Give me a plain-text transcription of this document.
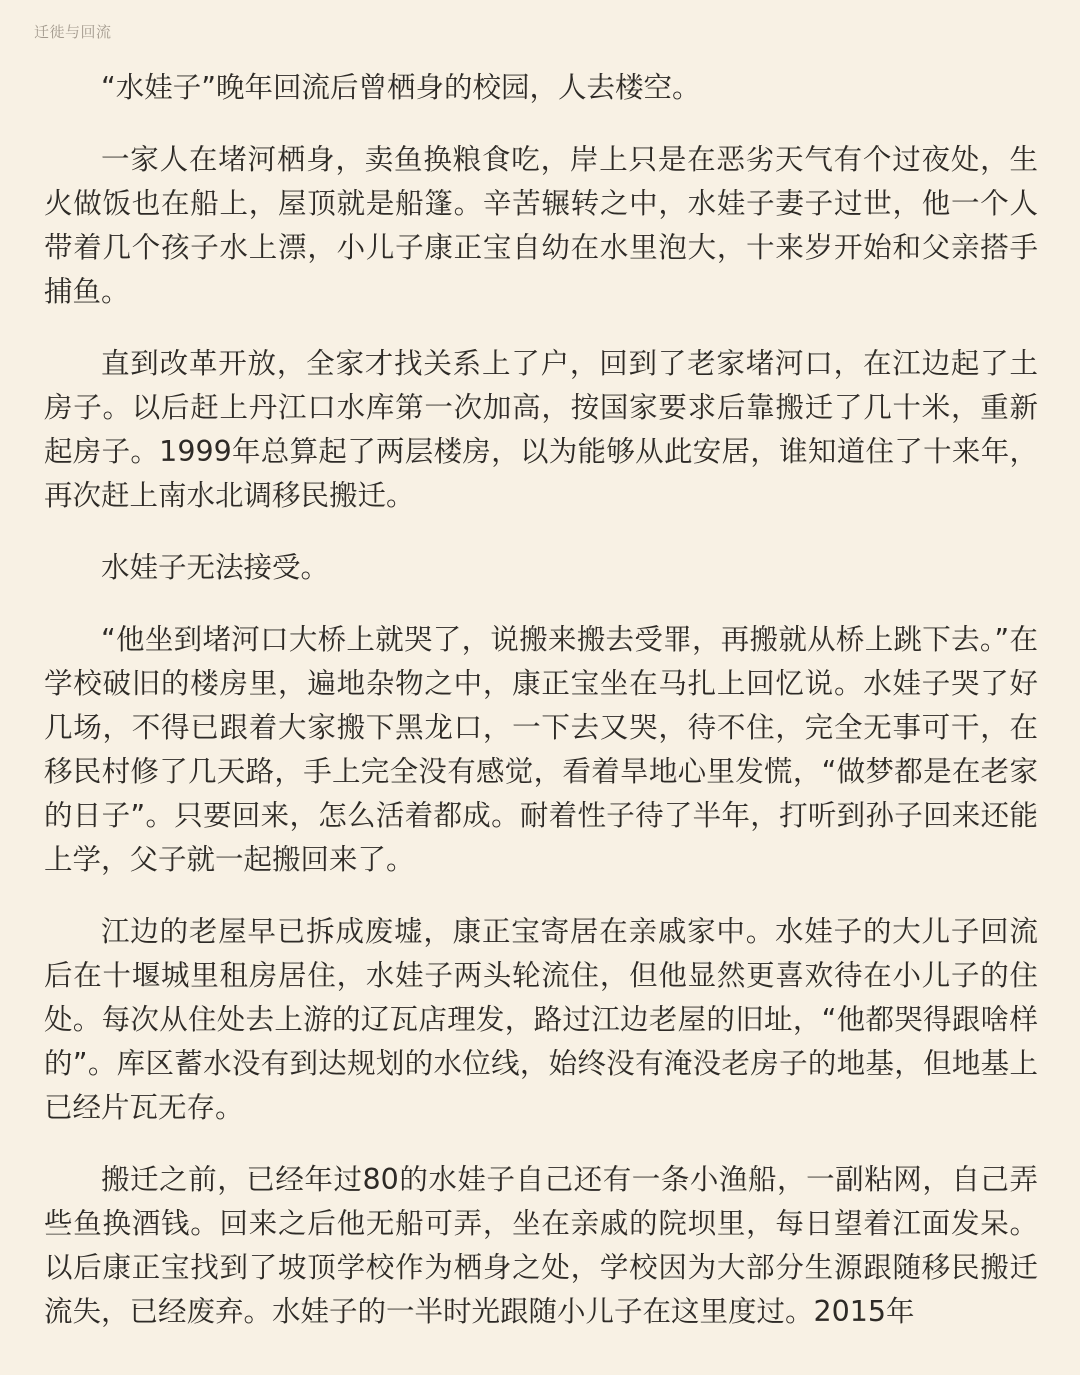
迁徙与回流

“水娃子”晚年回流后曾栖身的校园，人去楼空。

一家人在堵河栖身，卖鱼换粮食吃，岸上只是在恶劣天气有个过夜处，生火做饭也在船上，屋顶就是船篷。辛苦辗转之中，水娃子妻子过世，他一个人带着几个孩子水上漂，小儿子康正宝自幼在水里泡大，十来岁开始和父亲搭手捕鱼。

直到改革开放，全家才找关系上了户，回到了老家堵河口，在江边起了土房子。以后赶上丹江口水库第一次加高，按国家要求后靠搬迁了几十米，重新起房子。1999年总算起了两层楼房，以为能够从此安居，谁知道住了十来年，再次赶上南水北调移民搬迁。

水娃子无法接受。

“他坐到堵河口大桥上就哭了，说搬来搬去受罪，再搬就从桥上跳下去。”在学校破旧的楼房里，遍地杂物之中，康正宝坐在马扎上回忆说。水娃子哭了好几场，不得已跟着大家搬下黑龙口，一下去又哭，待不住，完全无事可干，在移民村修了几天路，手上完全没有感觉，看着旱地心里发慌，“做梦都是在老家的日子”。只要回来，怎么活着都成。耐着性子待了半年，打听到孙子回来还能上学，父子就一起搬回来了。

江边的老屋早已拆成废墟，康正宝寄居在亲戚家中。水娃子的大儿子回流后在十堰城里租房居住，水娃子两头轮流住，但他显然更喜欢待在小儿子的住处。每次从住处去上游的辽瓦店理发，路过江边老屋的旧址，“他都哭得跟啥样的”。库区蓄水没有到达规划的水位线，始终没有淹没老房子的地基，但地基上已经片瓦无存。

搬迁之前，已经年过80的水娃子自己还有一条小渔船，一副粘网，自己弄些鱼换酒钱。回来之后他无船可弄，坐在亲戚的院坝里，每日望着江面发呆。以后康正宝找到了坡顶学校作为栖身之处，学校因为大部分生源跟随移民搬迁流失，已经废弃。水娃子的一半时光跟随小儿子在这里度过。2015年
